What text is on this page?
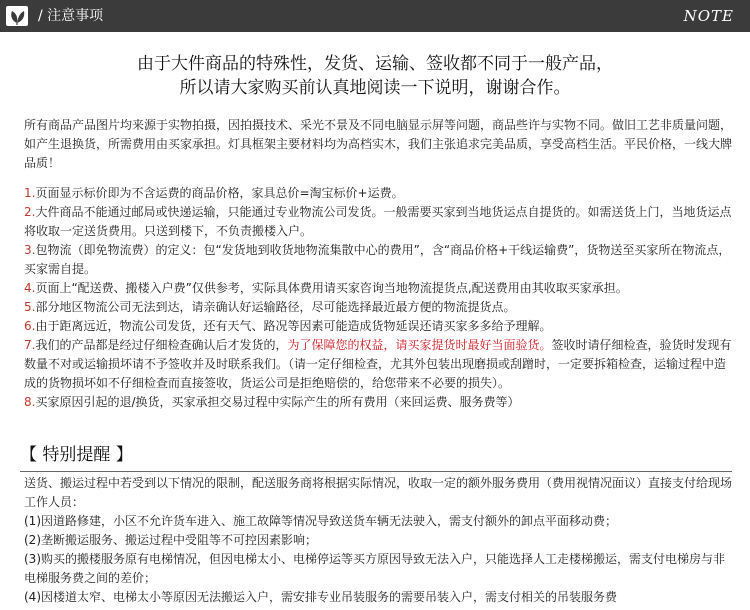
/ 注意事项	NOTE
由于大件商品的特殊性，发货、运输、签收都不同于一般产品，
所以请大家购买前认真地阅读一下说明，谢谢合作。
所有商品产品图片均来源于实物拍摄，因拍摄技术、采光不景及不同电脑显示屏等问题，商品些许与实物不同。做旧工艺非质量问题，如产生退换货，所需费用由买家承担。灯具框架主要材料均为高档实木，我们主张追求完美品质，享受高档生活。平民价格，一线大牌品质！
1.页面显示标价即为不含运费的商品价格，家具总价=淘宝标价+运费。
2.大件商品不能通过邮局或快递运输，只能通过专业物流公司发货。一般需要买家到当地货运点自提货的。如需送货上门，当地货运点将收取一定送货费用。只送到楼下，不负责搬楼入户。
3.包物流（即免物流费）的定义：包“发货地到收货地物流集散中心的费用”，含“商品价格+干线运输费”，货物送至买家所在物流点，买家需自提。
4.页面上“配送费、搬楼入户费”仅供参考，实际具体费用请买家咨询当地物流提货点,配送费用由其收取买家承担。
5.部分地区物流公司无法到达，请亲确认好运输路径，尽可能选择最近最方便的物流提货点。
6.由于距离远近，物流公司发货，还有天气、路况等因素可能造成货物延误还请买家多多给予理解。
7.我们的产品都是经过仔细检查确认后才发货的，为了保障您的权益，请买家提货时最好当面验货。签收时请仔细检查，验货时发现有数量不对或运输损坏请不予签收并及时联系我们。（请一定仔细检查，尤其外包装出现磨损或刮蹭时，一定要拆箱检查，运输过程中造成的货物损坏如不仔细检查而直接签收，货运公司是拒绝赔偿的，给您带来不必要的损失）。
8.买家原因引起的退/换货，买家承担交易过程中实际产生的所有费用（来回运费、服务费等）
【 特别提醒 】
送货、搬运过程中若受到以下情况的限制，配送服务商将根据实际情况，收取一定的额外服务费用（费用视情况面议）直接支付给现场工作人员：
(1)因道路修建，小区不允许货车进入、施工故障等情况导致送货车辆无法驶入，需支付额外的卸点平面移动费；
(2)垄断搬运服务、搬运过程中受阻等不可控因素影响；
(3)购买的搬楼服务原有电梯情况，但因电梯太小、电梯停运等买方原因导致无法入户，只能选择人工走楼梯搬运，需支付电梯房与非电梯服务费之间的差价；
(4)因楼道太窄、电梯太小等原因无法搬运入户，需安排专业吊装服务的需要吊装入户，需支付相关的吊装服务费
